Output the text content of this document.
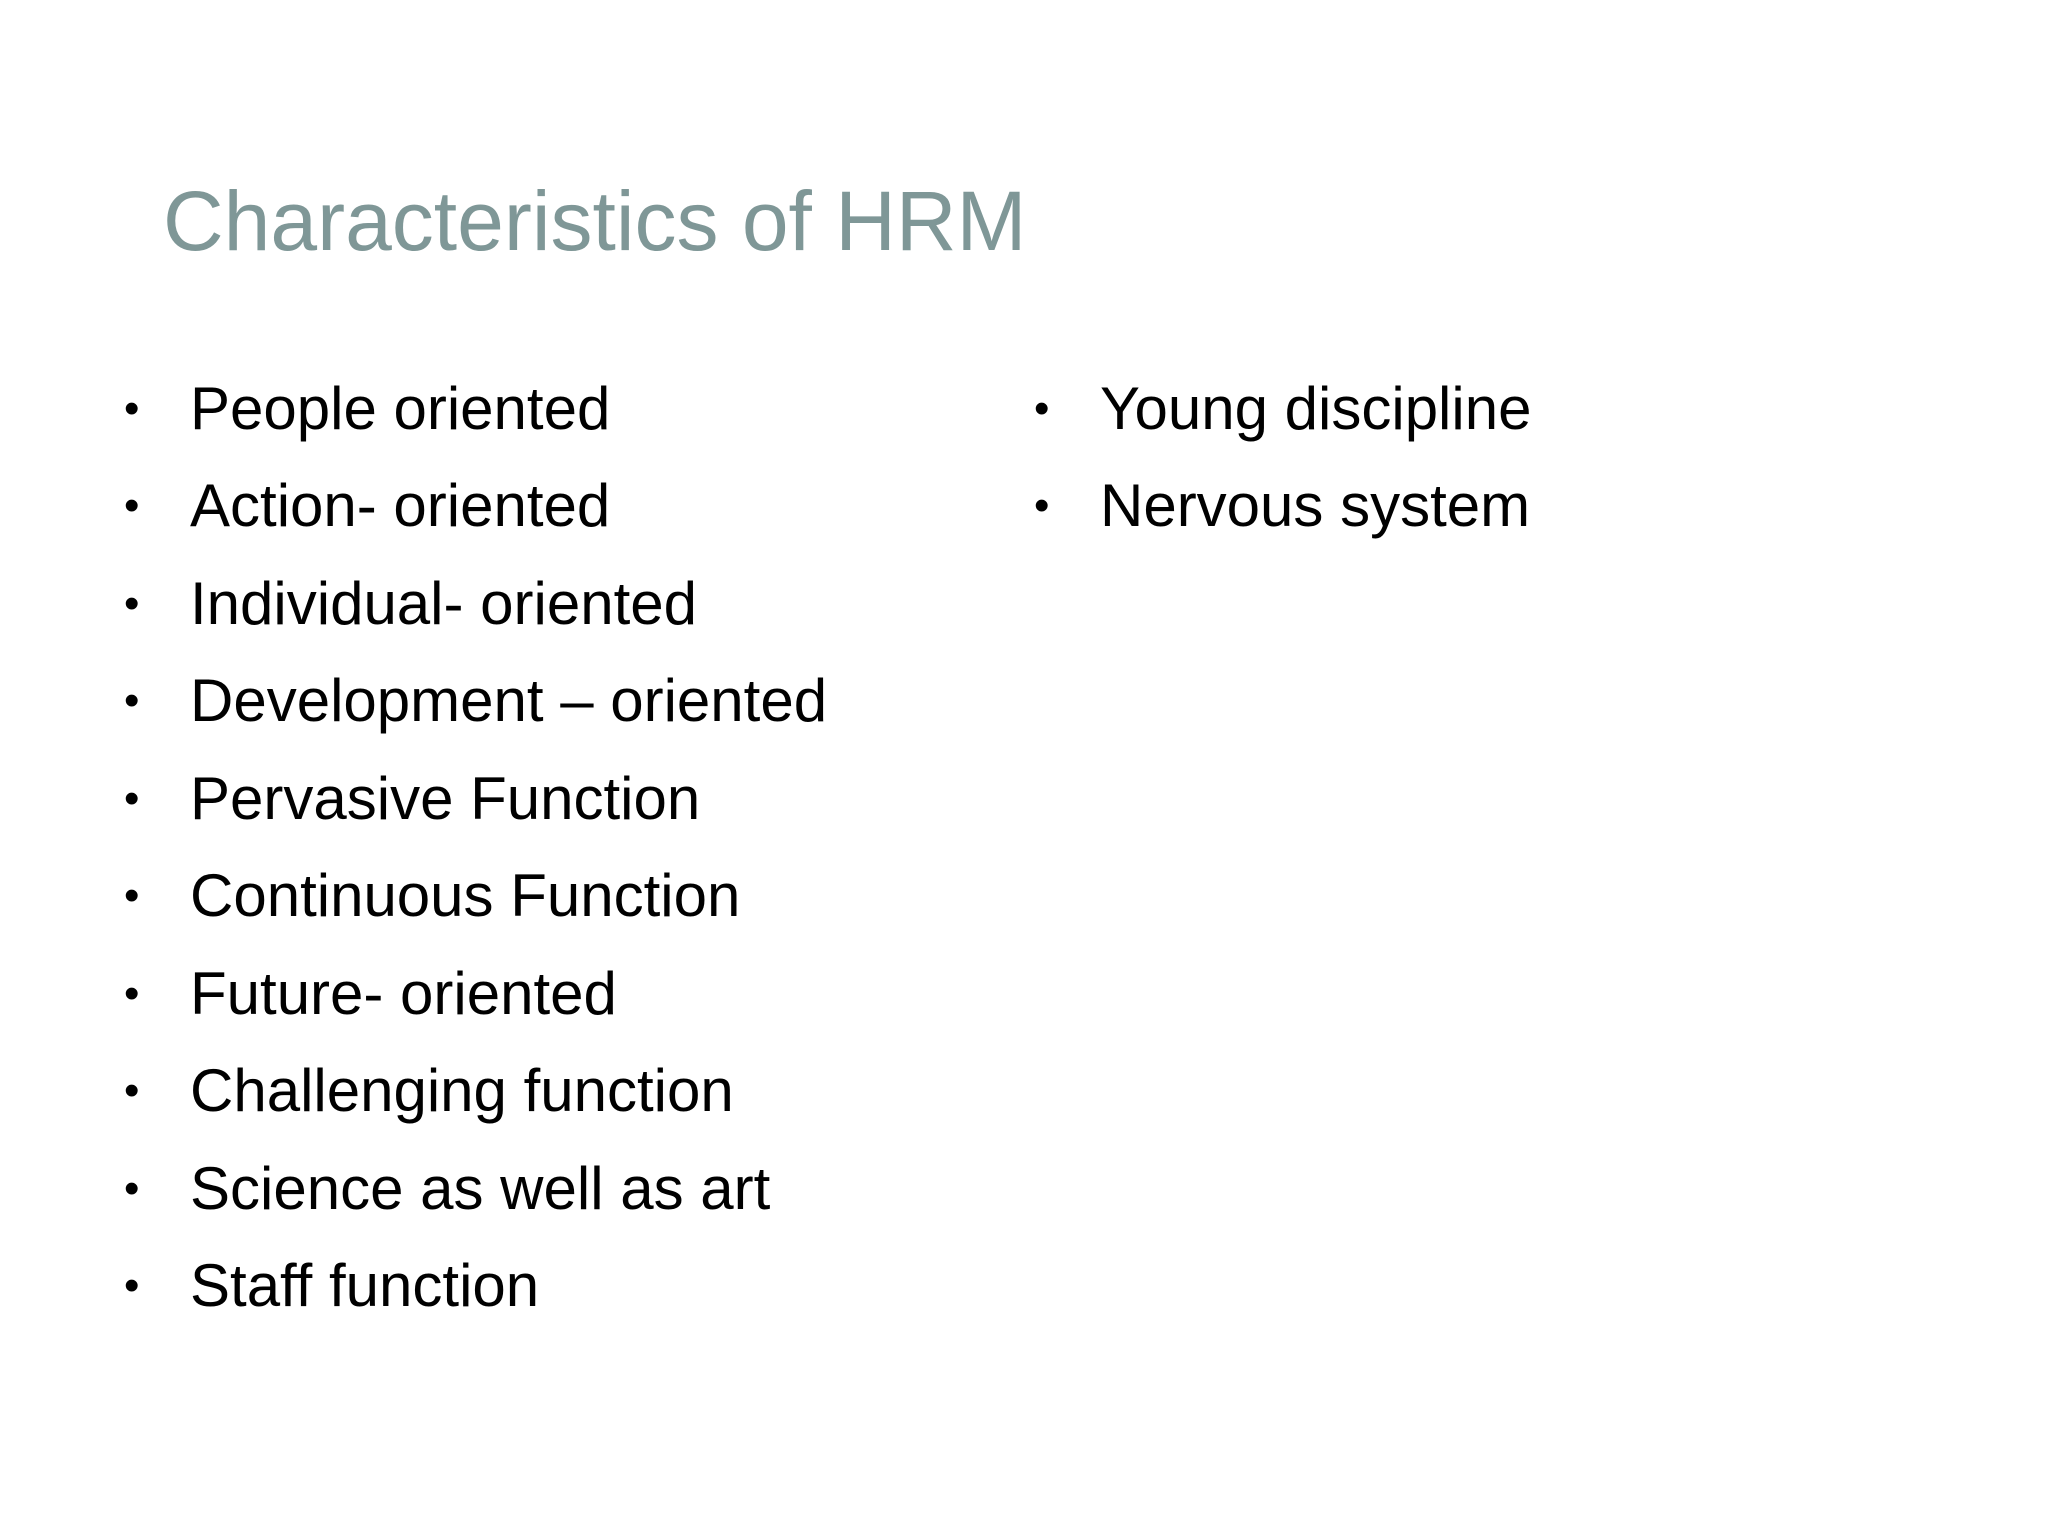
Characteristics of HRM
• People oriented
• Action- oriented
• Individual- oriented
• Development – oriented
• Pervasive Function
• Continuous Function
• Future- oriented
• Challenging function
• Science as well as art
• Staff function
• Young discipline
• Nervous system
